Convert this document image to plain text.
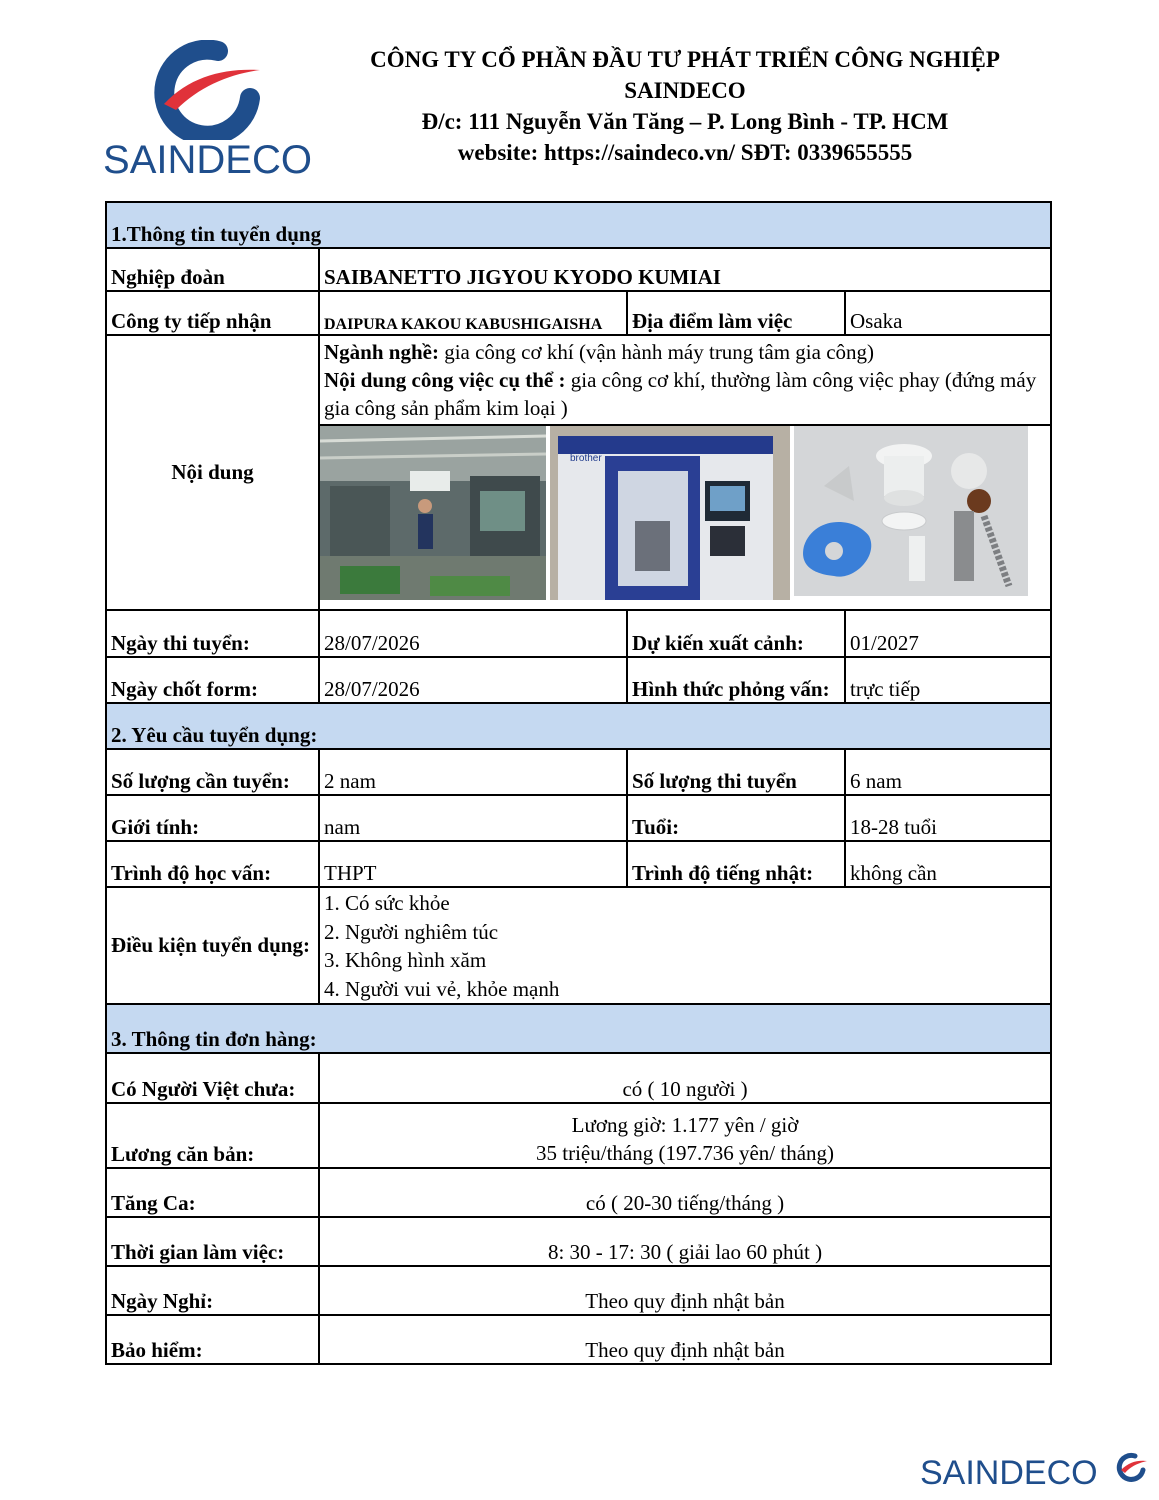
SAINDECO
CÔNG TY CỔ PHẦN ĐẦU TƯ PHÁT TRIỂN CÔNG NGHIỆP
SAINDECO
Đ/c: 111 Nguyễn Văn Tăng – P. Long Bình - TP. HCM
website: https://saindeco.vn/ SĐT: 0339655555
1.Thông tin tuyển dụng			
Nghiệp đoàn	SAIBANETTO JIGYOU KYODO KUMIAI		
Công ty tiếp nhận	DAIPURA KAKOU KABUSHIGAISHA	Địa điểm làm việc	Osaka
Nội dung	Ngành nghề: gia công cơ khí (vận hành máy trung tâm gia công)
Nội dung công việc cụ thể : gia công cơ khí, thường làm công việc phay (đứng máy gia công sản phẩm kim loại )		

brother		

Ngày thi tuyển:	28/07/2026	Dự kiến xuất cảnh:	01/2027
Ngày chốt form:	28/07/2026	Hình thức phỏng vấn:	trực tiếp
2. Yêu cầu tuyển dụng:			
Số lượng cần tuyển:	2 nam	Số lượng thi tuyển	6 nam
Giới tính:	nam	Tuổi:	18-28 tuổi
Trình độ học vấn:	THPT	Trình độ tiếng nhật:	không cần
Điều kiện tuyển dụng:	1. Có sức khỏe
2. Người nghiêm túc
3. Không hình xăm
4. Người vui vẻ, khỏe mạnh		

3. Thông tin đơn hàng:			
Có Người Việt chưa:	có ( 10 người )		
Lương căn bản:	Lương giờ: 1.177 yên / giờ
35 triệu/tháng (197.736 yên/ tháng)		

Tăng Ca:	có ( 20-30 tiếng/tháng )		
Thời gian làm việc:	8: 30 - 17: 30 ( giải lao 60 phút )		
Ngày Nghỉ:	Theo quy định nhật bản		
Bảo hiểm:	Theo quy định nhật bản		
SAINDECO
